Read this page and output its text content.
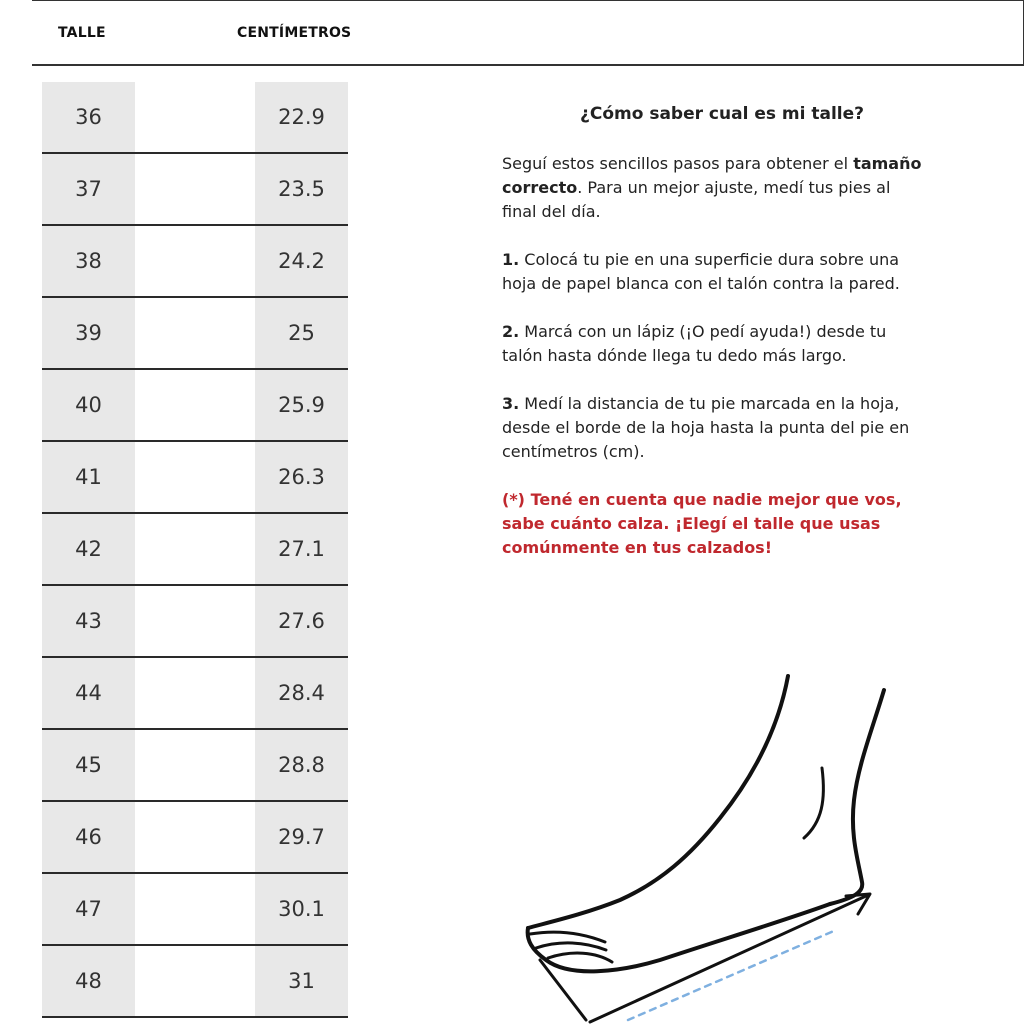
TALLE	CENTÍMETROS
36	22.9
37	23.5
38	24.2
39	25
40	25.9
41	26.3
42	27.1
43	27.6
44	28.4
45	28.8
46	29.7
47	30.1
48	31
¿Cómo saber cual es mi talle?

Seguí estos sencillos pasos para obtener el tamaño correcto. Para un mejor ajuste, medí tus pies al final del día.

1. Colocá tu pie en una superficie dura sobre una hoja de papel blanca con el talón contra la pared.

2. Marcá con un lápiz (¡O pedí ayuda!) desde tu talón hasta dónde llega tu dedo más largo.

3. Medí la distancia de tu pie marcada en la hoja, desde el borde de la hoja hasta la punta del pie en centímetros (cm).

(*) Tené en cuenta que nadie mejor que vos, sabe cuánto calza. ¡Elegí el talle que usas comúnmente en tus calzados!
